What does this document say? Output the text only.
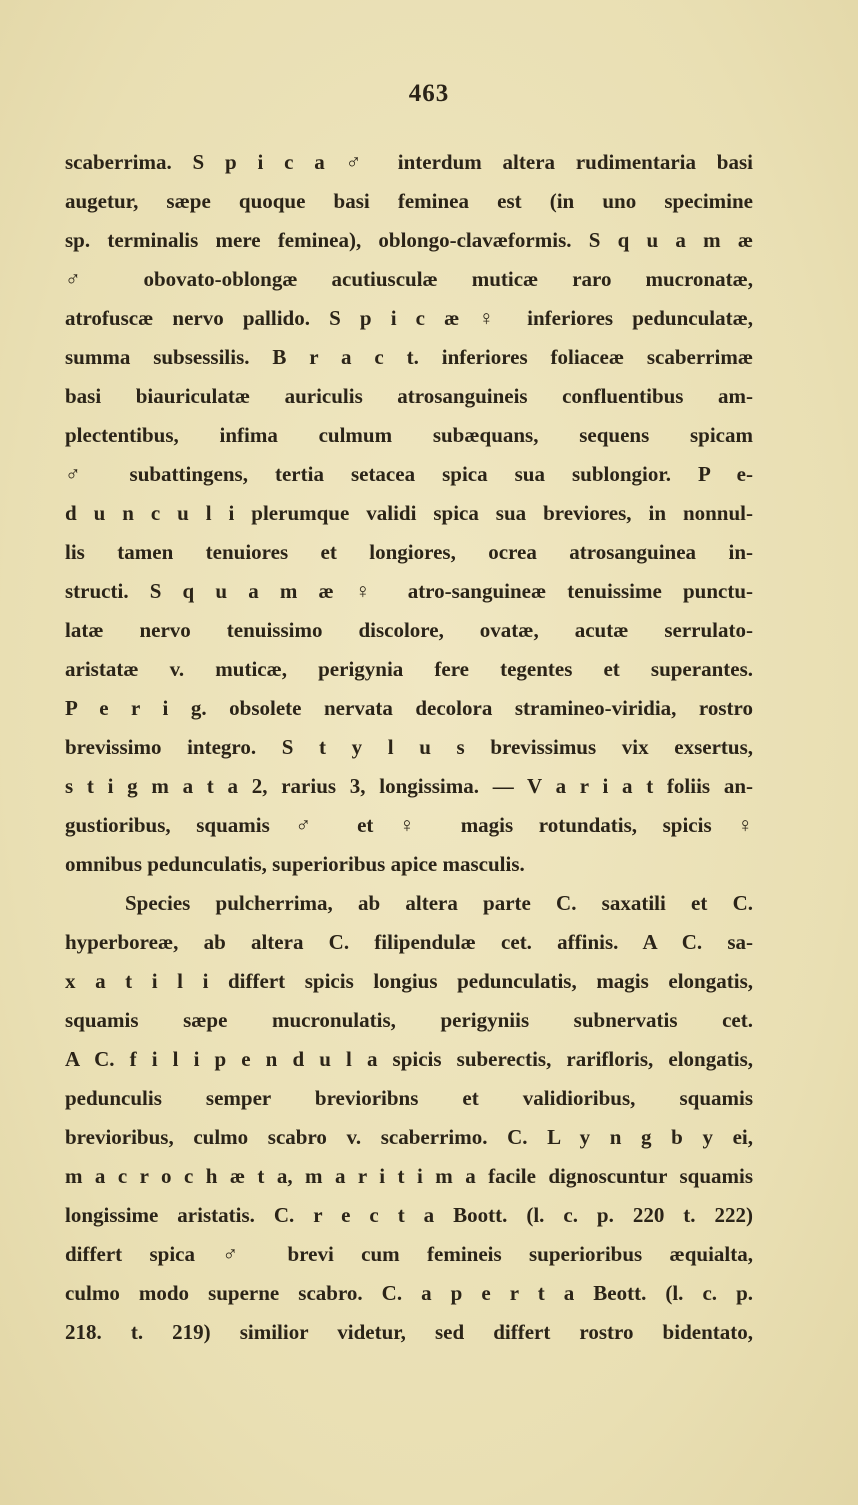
463
scaberrima. S p i c a ♂ interdum altera rudimentaria basi
augetur, sæpe quoque basi feminea est (in uno specimine
sp. terminalis mere feminea), oblongo-clavæformis. S q u a m æ
♂ obovato-oblongæ acutiusculæ muticæ raro mucronatæ,
atrofuscæ nervo pallido. S p i c æ ♀ inferiores pedunculatæ,
summa subsessilis. B r a c t. inferiores foliaceæ scaberrimæ
basi biauriculatæ auriculis atrosanguineis confluentibus am-
plectentibus, infima culmum subæquans, sequens spicam
♂ subattingens, tertia setacea spica sua sublongior. P e-
d u n c u l i plerumque validi spica sua breviores, in nonnul-
lis tamen tenuiores et longiores, ocrea atrosanguinea in-
structi. S q u a m æ ♀ atro-sanguineæ tenuissime punctu-
latæ nervo tenuissimo discolore, ovatæ, acutæ serrulato-
aristatæ v. muticæ, perigynia fere tegentes et superantes.
P e r i g. obsolete nervata decolora stramineo-viridia, rostro
brevissimo integro. S t y l u s brevissimus vix exsertus,
s t i g m a t a 2, rarius 3, longissima. — V a r i a t foliis an-
gustioribus, squamis ♂ et ♀ magis rotundatis, spicis ♀
omnibus pedunculatis, superioribus apice masculis.
Species pulcherrima, ab altera parte C. saxatili et C.
hyperboreæ, ab altera C. filipendulæ cet. affinis. A C. sa-
x a t i l i differt spicis longius pedunculatis, magis elongatis,
squamis sæpe mucronulatis, perigyniis subnervatis cet.
A C. f i l i p e n d u l a spicis suberectis, rarifloris, elongatis,
pedunculis semper brevioribns et validioribus, squamis
brevioribus, culmo scabro v. scaberrimo. C. L y n g b y ei,
m a c r o c h æ t a, m a r i t i m a facile dignoscuntur squamis
longissime aristatis. C. r e c t a Boott. (l. c. p. 220 t. 222)
differt spica ♂ brevi cum femineis superioribus æquialta,
culmo modo superne scabro. C. a p e r t a Beott. (l. c. p.
218. t. 219) similior videtur, sed differt rostro bidentato,
